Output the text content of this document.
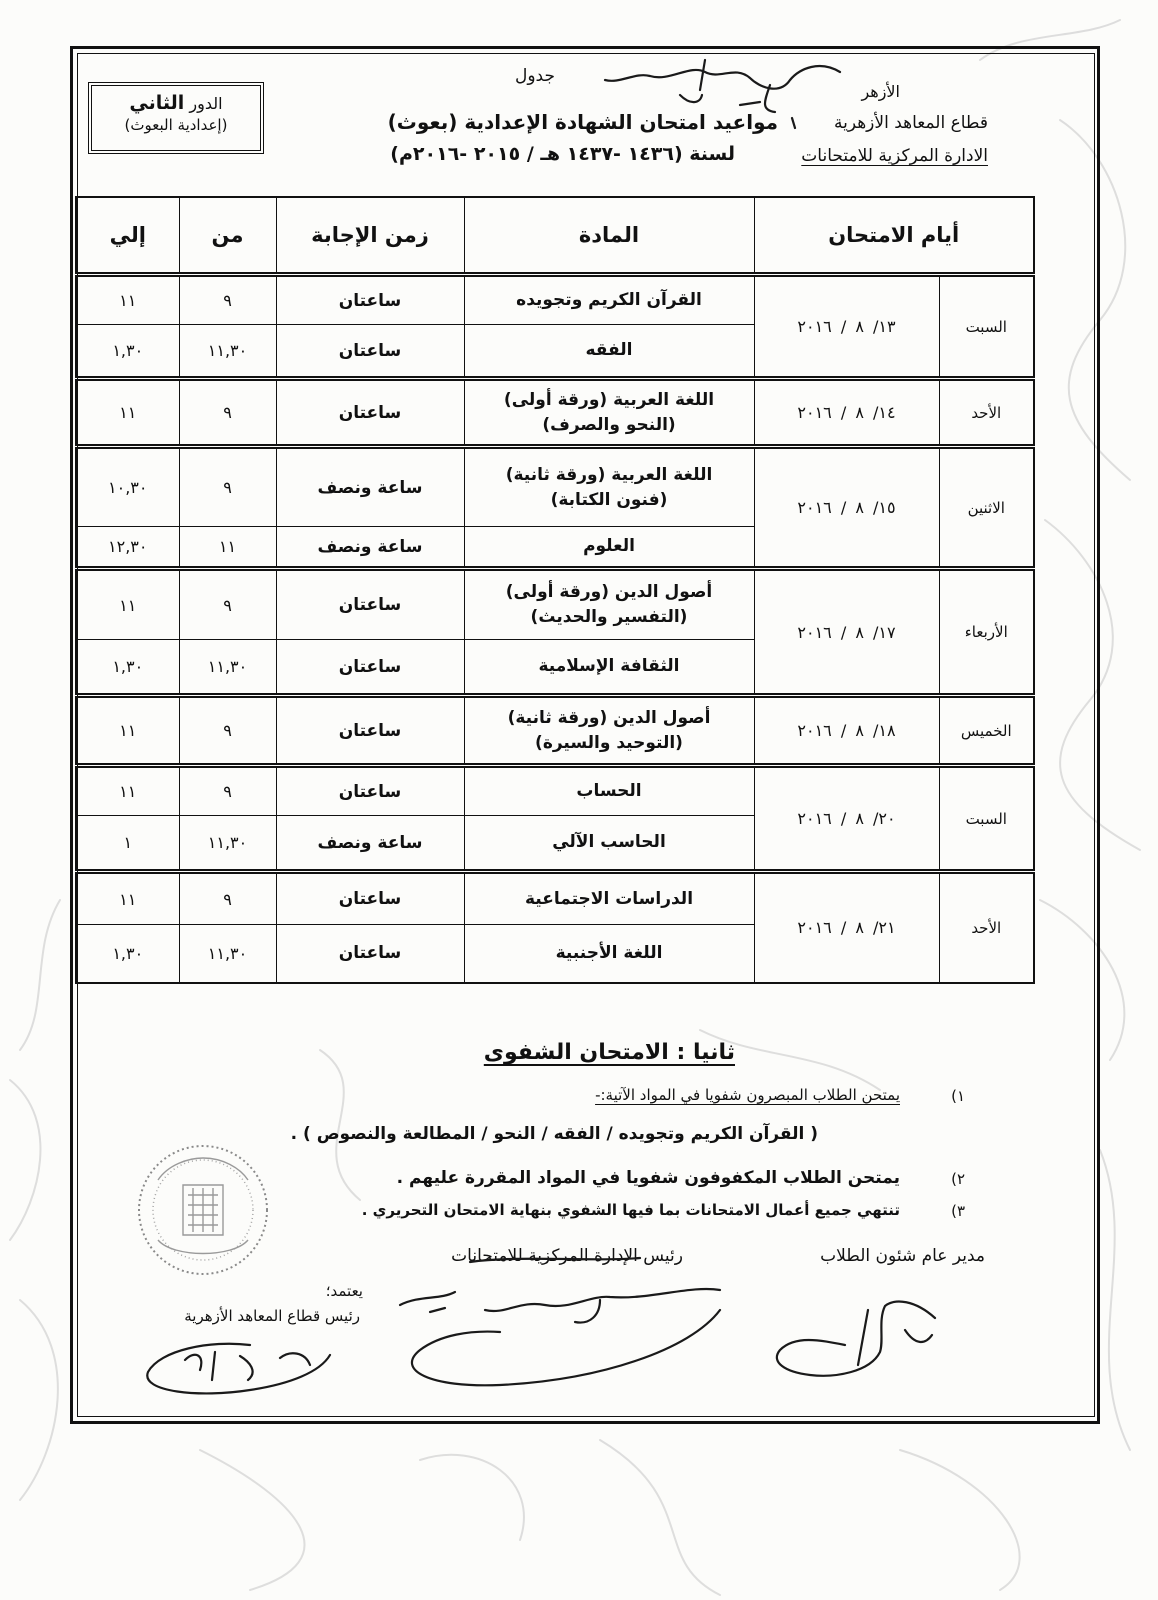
الأزهر
قطاع المعاهد الأزهرية
الادارة المركزية للامتحانات
جدول
مواعيد امتحان الشهادة الإعدادية (بعوث)
لسنة (١٤٣٦ -١٤٣٧ هـ / ٢٠١٥ -٢٠١٦م)
الدور الثاني
(إعدادية البعوث)
أيام الامتحان		المادة	زمن الإجابة	من	إلي
السبت	١٣/ ٨ / ٢٠١٦	القرآن الكريم وتجويده	ساعتان	٩	١١

		الفقه	ساعتان	١١,٣٠	١,٣٠
الأحد	١٤/ ٨ / ٢٠١٦	اللغة العربية (ورقة أولى)
(النحو والصرف)	ساعتان	٩	١١
الاثنين	١٥/ ٨ / ٢٠١٦	اللغة العربية (ورقة ثانية)
(فنون الكتابة)	ساعة ونصف	٩	١٠,٣٠

		العلوم	ساعة ونصف	١١	١٢,٣٠
الأربعاء	١٧/ ٨ / ٢٠١٦	أصول الدين (ورقة أولى)
(التفسير والحديث)	ساعتان	٩	١١

		الثقافة الإسلامية	ساعتان	١١,٣٠	١,٣٠
الخميس	١٨/ ٨ / ٢٠١٦	أصول الدين (ورقة ثانية)
(التوحيد والسيرة)	ساعتان	٩	١١
السبت	٢٠/ ٨ / ٢٠١٦	الحساب	ساعتان	٩	١١

		الحاسب الآلي	ساعة ونصف	١١,٣٠	١
الأحد	٢١/ ٨ / ٢٠١٦	الدراسات الاجتماعية	ساعتان	٩	١١

		اللغة الأجنبية	ساعتان	١١,٣٠	١,٣٠
ثانيا : الامتحان الشفوى
١)
يمتحن الطلاب المبصرون شفويا في المواد الآتية:-
( القرآن الكريم وتجويده / الفقه / النحو / المطالعة والنصوص ) .
٢)
يمتحن الطلاب المكفوفون شفويا في المواد المقررة عليهم .
٣)
تنتهي جميع أعمال الامتحانات بما فيها الشفوي بنهاية الامتحان التحريري .
مدير عام شئون الطلاب
رئيس الإدارة المركزية للامتحانات
يعتمد؛
رئيس قطاع المعاهد الأزهرية
